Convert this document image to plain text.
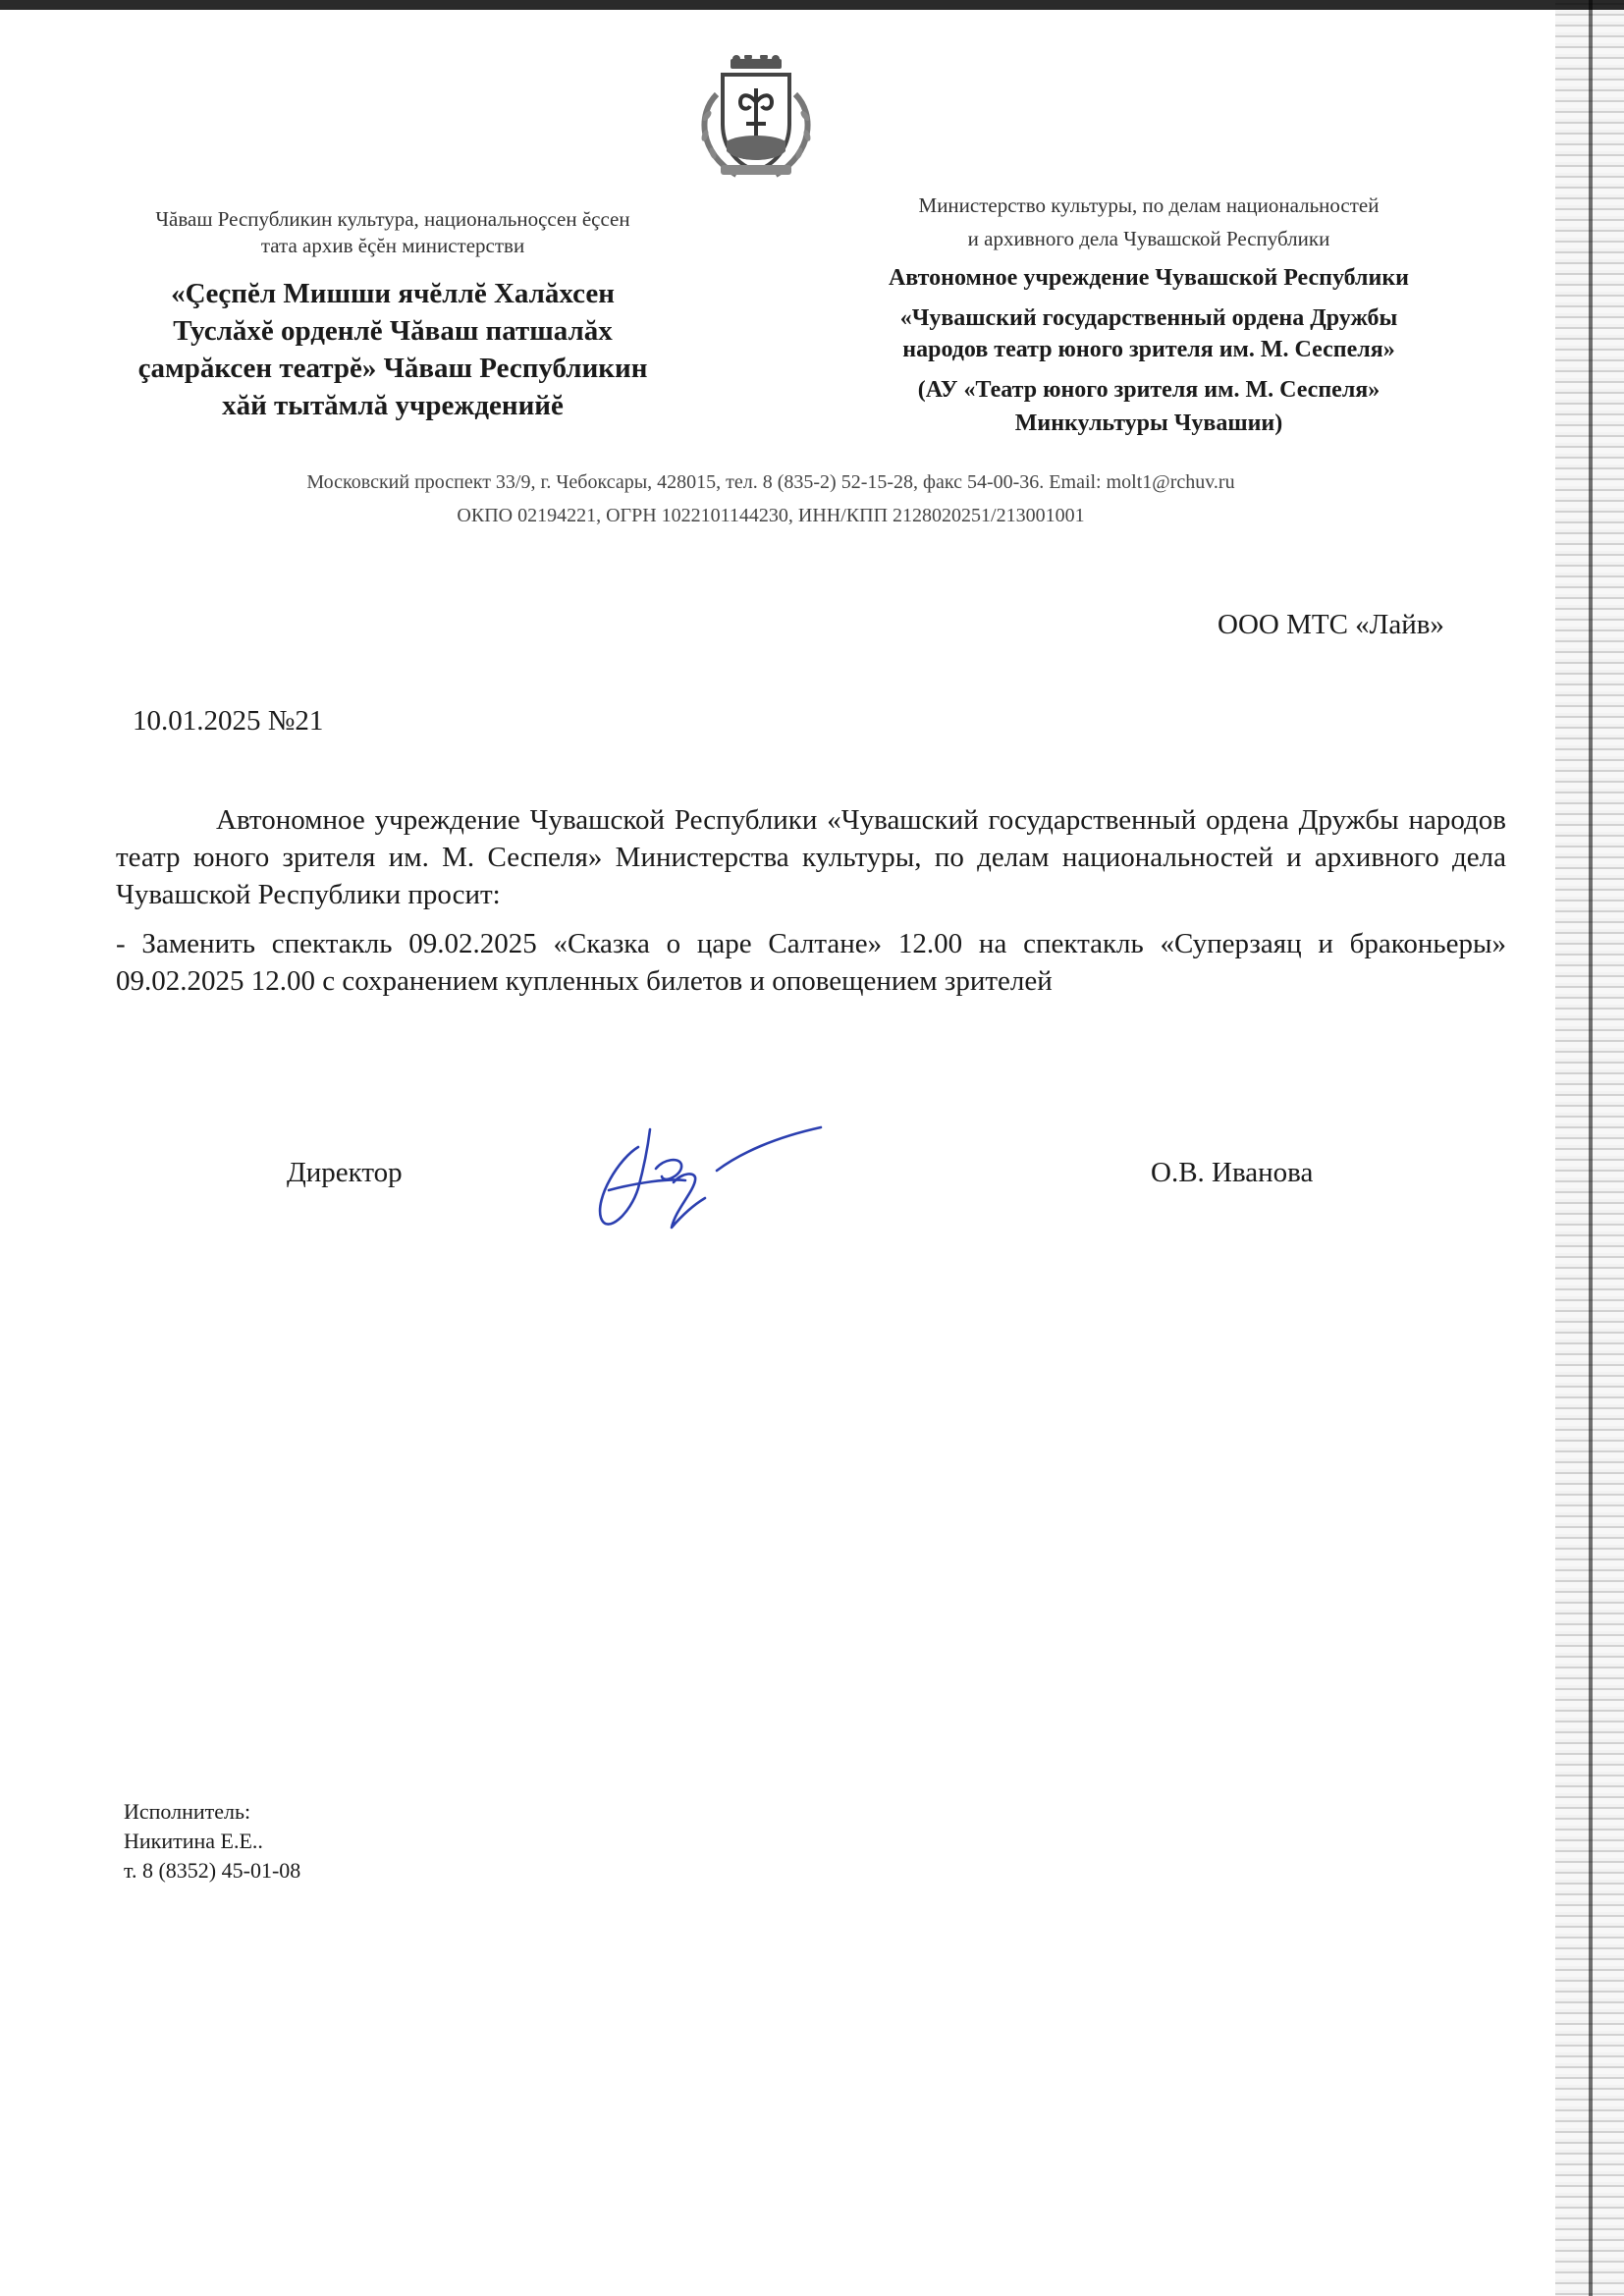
Чăваш Республикин культура, национальноçсен ĕçсен
тата архив ĕçĕн министерстви
«Çеçпĕл Мишши ячĕллĕ Халăхсен
Туслăхĕ орденлĕ Чăваш патшалăх
çамрăксен театрĕ» Чăваш Республикин
хăй тытăмлă учрежденийĕ
Министерство культуры, по делам национальностей
и архивного дела Чувашской Республики
Автономное учреждение Чувашской Республики
«Чувашский государственный ордена Дружбы
народов театр юного зрителя им. М. Сеспеля»
(АУ «Театр юного зрителя им. М. Сеспеля»
Минкультуры Чувашии)
Московский проспект 33/9, г. Чебоксары, 428015, тел. 8 (835-2) 52-15-28, факс 54-00-36. Email: molt1@rchuv.ru
ОКПО 02194221, ОГРН 1022101144230, ИНН/КПП 2128020251/213001001
ООО МТС «Лайв»
10.01.2025 №21

Автономное учреждение Чувашской Республики «Чувашский государственный ордена Дружбы народов театр юного зрителя им. М. Сеспеля» Министерства культуры, по делам национальностей и архивного дела Чувашской Республики просит:

- Заменить спектакль 09.02.2025 «Сказка о царе Салтане» 12.00 на спектакль «Суперзаяц и браконьеры» 09.02.2025 12.00 с сохранением купленных билетов и оповещением зрителей

Директор	О.В. Иванова
Исполнитель:
Никитина Е.Е..
т. 8 (8352) 45-01-08
